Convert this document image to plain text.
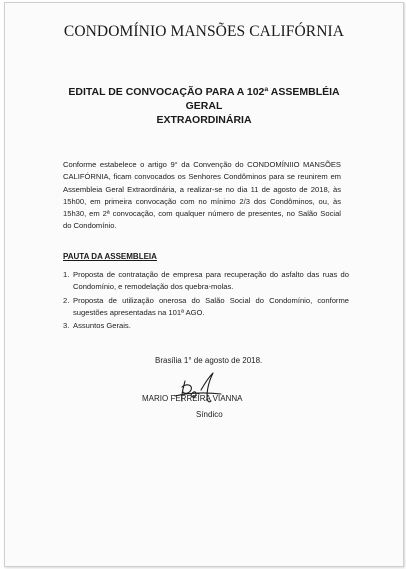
CONDOMÍNIO MANSÕES CALIFÓRNIA
EDITAL DE CONVOCAÇÃO PARA A 102ª ASSEMBLÉIA GERAL
EXTRAORDINÁRIA
Conforme estabelece o artigo 9° da Convenção do CONDOMÍNIIO MANSÕES CALIFÓRNIA, ficam convocados os Senhores Condôminos para se reunirem em Assembleia Geral Extraordinária, a realizar-se no dia 11 de agosto de 2018, às 15h00, em primeira convocação com no mínimo 2/3 dos Condôminos, ou, às 15h30, em 2ª convocação, com qualquer número de presentes, no Salão Social do Condomínio.
PAUTA DA ASSEMBLEIA
1. Proposta de contratação de empresa para recuperação do asfalto das ruas do Condomínio, e remodelação dos quebra-molas.
2. Proposta de utilização onerosa do Salão Social do Condomínio, conforme sugestões apresentadas na 101ª AGO.
3. Assuntos Gerais.
Brasília 1° de agosto de 2018.
MARIO FERREIRA VIANNA
Síndico
